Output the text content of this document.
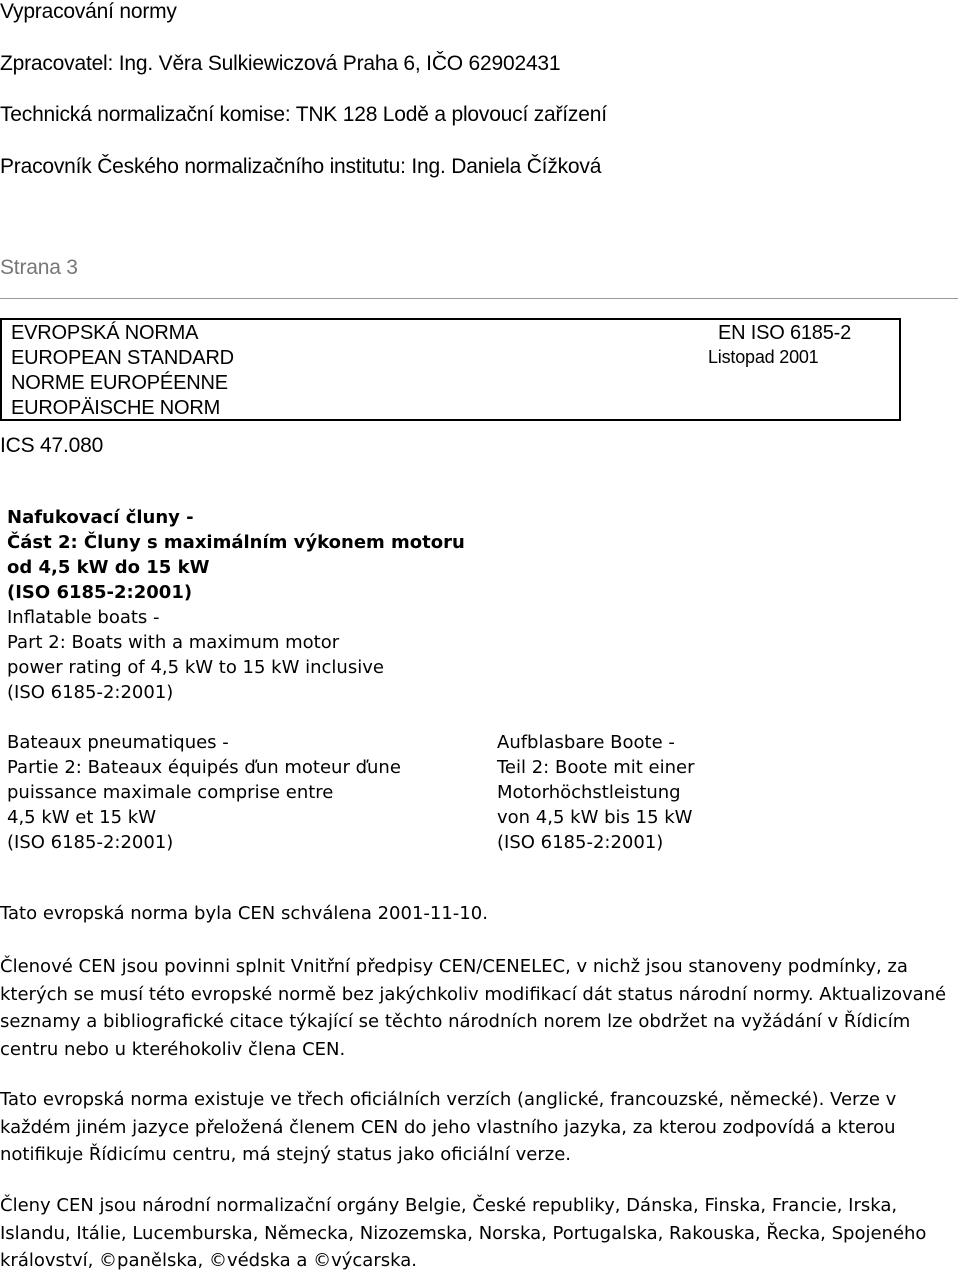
Vypracování normy
Zpracovatel: Ing. Věra Sulkiewiczová Praha 6, IČO 62902431
Technická normalizační komise: TNK 128 Lodě a plovoucí zařízení
Pracovník Českého normalizačního institutu: Ing. Daniela Čížková
Strana 3
EVROPSKÁ NORMA
EUROPEAN STANDARD
NORME EUROPÉENNE
EUROPÄISCHE NORM
EN ISO 6185-2
Listopad 2001
ICS 47.080
Nafukovací čluny -
Část 2: Čluny s maximálním výkonem motoru
od 4,5 kW do 15 kW
(ISO 6185-2:2001)
Inflatable boats -
Part 2: Boats with a maximum motor
power rating of 4,5 kW to 15 kW inclusive
(ISO 6185-2:2001)
Bateaux pneumatiques -
Partie 2: Bateaux équipés ďun moteur ďune
puissance maximale comprise entre
4,5 kW et 15 kW
(ISO 6185-2:2001)
Aufblasbare Boote -
Teil 2: Boote mit einer
Motorhöchstleistung
von 4,5 kW bis 15 kW
(ISO 6185-2:2001)
Tato evropská norma byla CEN schválena 2001-11-10.
Členové CEN jsou povinni splnit Vnitřní předpisy CEN/CENELEC, v nichž jsou stanoveny podmínky, za kterých se musí této evropské normě bez jakýchkoliv modifikací dát status národní normy. Aktualizované seznamy a bibliografické citace týkající se těchto národních norem lze obdržet na vyžádání v Řídicím centru nebo u kteréhokoliv člena CEN.
Tato evropská norma existuje ve třech oficiálních verzích (anglické, francouzské, německé). Verze v každém jiném jazyce přeložená členem CEN do jeho vlastního jazyka, za kterou zodpovídá a kterou notifikuje Řídicímu centru, má stejný status jako oficiální verze.
Členy CEN jsou národní normalizační orgány Belgie, České republiky, Dánska, Finska, Francie, Irska, Islandu, Itálie, Lucemburska, Německa, Nizozemska, Norska, Portugalska, Rakouska, Řecka, Spojeného království, ©panělska, ©védska a ©výcarska.
